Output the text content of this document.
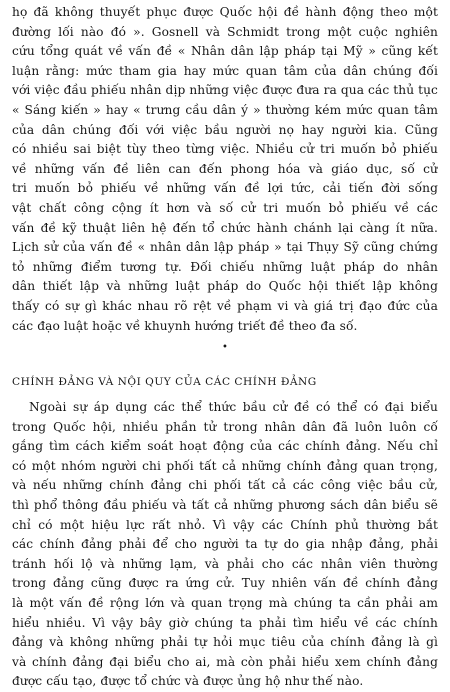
họ đã không thuyết phục được Quốc hội đề hành động theo một
đường lối nào đó ». Gosnell và Schmidt trong một cuộc nghiên
cứu tổng quát về vấn đề « Nhân dân lập pháp tại Mỹ » cũng kết
luận rằng: mức tham gia hay mức quan tâm của dân chúng đối
với việc đầu phiếu nhân dịp những việc được đưa ra qua các thủ tục
« Sáng kiến » hay « trưng cầu dân ý » thường kém mức quan tâm
của dân chúng đối với việc bầu người nọ hay người kia. Cũng
có nhiều sai biệt tùy theo từng việc. Nhiều cử tri muốn bỏ phiếu
về những vấn đề liên can đến phong hóa và giáo dục, số cử
tri muốn bỏ phiếu về những vấn đề lợi tức, cải tiến đời sống
vật chất công cộng ít hơn và số cử tri muốn bỏ phiếu về các
vấn đề kỹ thuật liên hệ đến tổ chức hành chánh lại càng ít nữa.
Lịch sử của vấn đề « nhân dân lập pháp » tại Thụy Sỹ cũng chứng
tỏ những điểm tương tự. Đối chiếu những luật pháp do nhân
dân thiết lập và những luật pháp do Quốc hội thiết lập không
thấy có sự gì khác nhau rõ rệt về phạm vi và giá trị đạo đức của
các đạo luật hoặc về khuynh hướng triết đề theo đa số.
•
CHÍNH ĐẢNG VÀ NỘI QUY CỦA CÁC CHÍNH ĐẢNG
Ngoài sự áp dụng các thể thức bầu cử đề có thể có đại biểu
trong Quốc hội, nhiều phần tử trong nhân dân đã luôn luôn cố
gắng tìm cách kiểm soát hoạt động của các chính đảng. Nếu chỉ
có một nhóm người chi phối tất cả những chính đảng quan trọng,
và nếu những chính đảng chi phối tất cả các công việc bầu cử,
thì phổ thông đầu phiếu và tất cả những phương sách dân biểu sẽ
chỉ có một hiệu lực rất nhỏ. Vì vậy các Chính phủ thường bắt
các chính đảng phải để cho người ta tự do gia nhập đảng, phải
tránh hối lộ và những lạm, và phải cho các nhân viên thường
trong đảng cũng được ra ứng cử. Tuy nhiên vấn đề chính đảng
là một vấn đề rộng lớn và quan trọng mà chúng ta cần phải am
hiểu nhiều. Vì vậy bây giờ chúng ta phải tìm hiểu về các chính
đảng và không những phải tự hỏi mục tiêu của chính đảng là gì
và chính đảng đại biểu cho ai, mà còn phải hiểu xem chính đảng
được cấu tạo, được tổ chức và được ủng hộ như thế nào.
